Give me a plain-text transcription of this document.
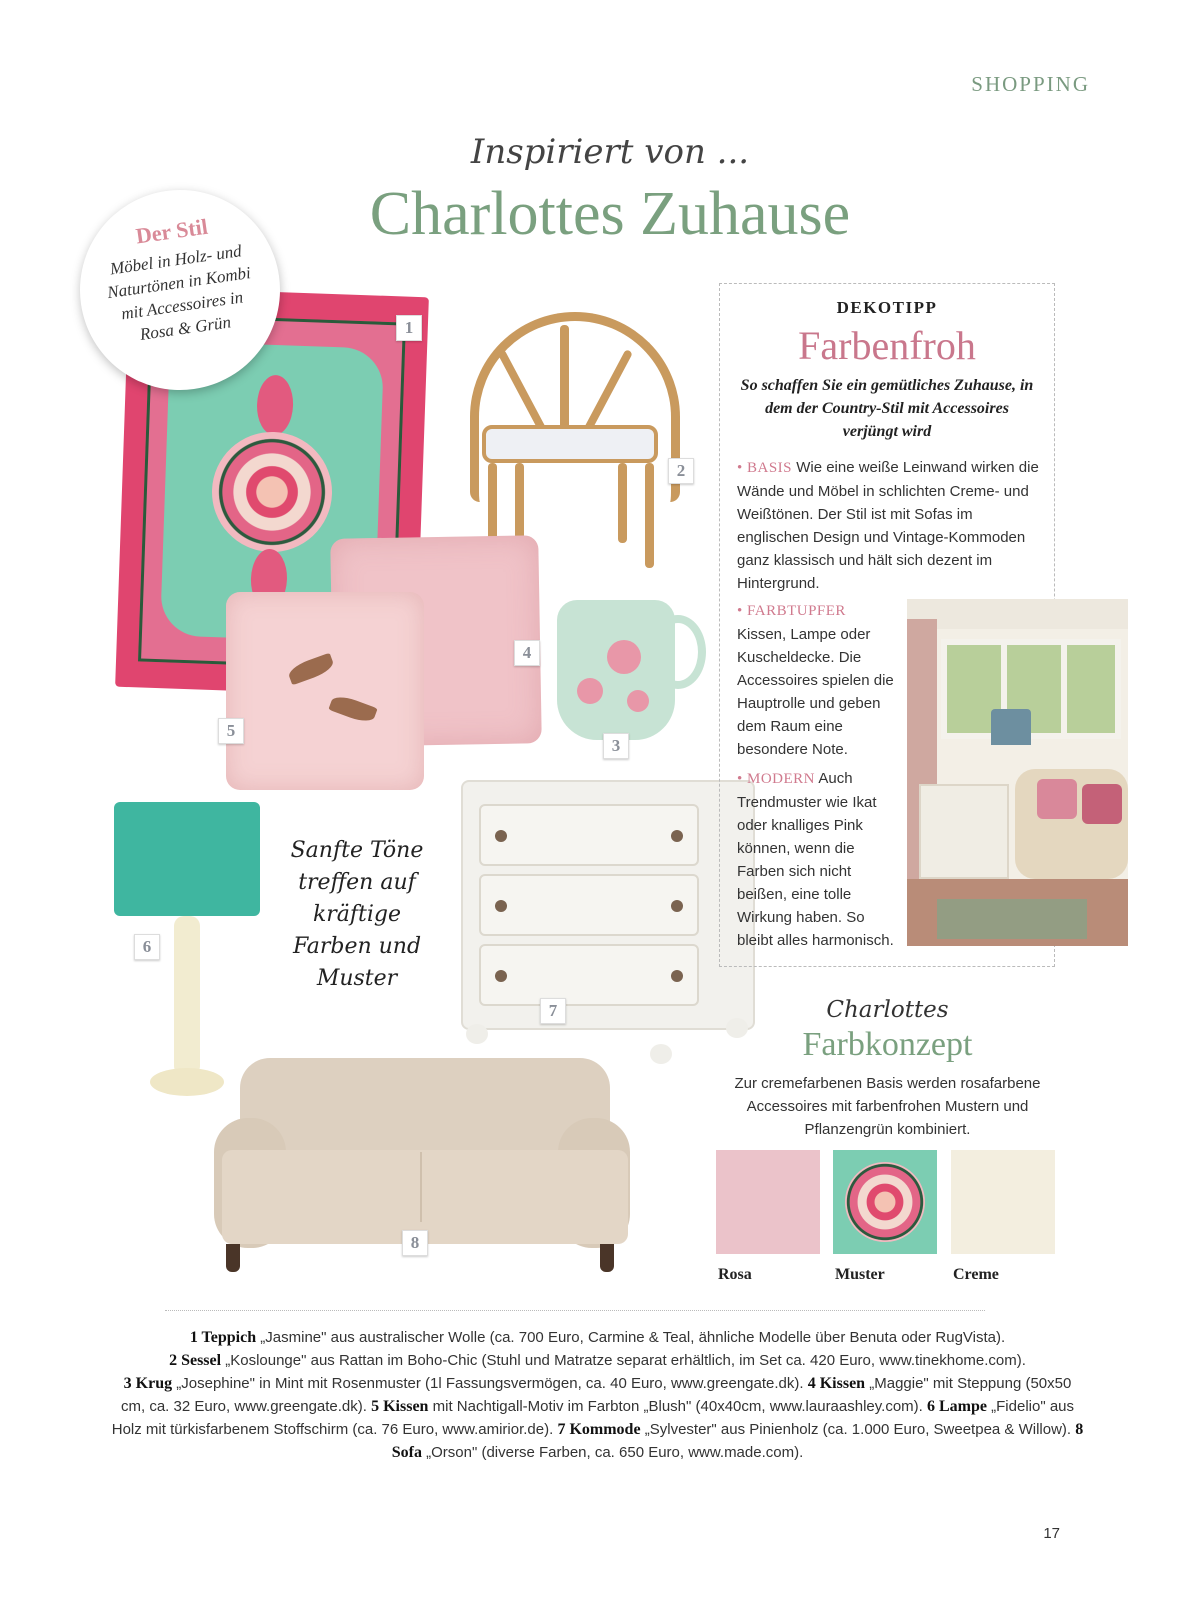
SHOPPING
Inspiriert von ...
Charlottes Zuhause
Der Stil
Möbel in Holz- und Naturtönen in Kombi mit Accessoires in Rosa & Grün	1
2
4
5
3
6
Sanfte Töne treffen auf kräftige Farben und Muster
7
8
DEKOTIPP
Farbenfroh
So schaffen Sie ein gemütliches Zuhause, in dem der Country-Stil mit Accessoires verjüngt wird
• BASIS Wie eine weiße Leinwand wirken die Wände und Möbel in schlichten Creme- und Weißtönen. Der Stil ist mit Sofas im englischen Design und Vintage-Kommoden ganz klassisch und hält sich dezent im Hintergrund.
• FARBTUPFER
Kissen, Lampe oder Kuscheldecke. Die Accessoires spielen die Hauptrolle und geben dem Raum eine besondere Note.
• MODERN Auch Trendmuster wie Ikat oder knalliges Pink können, wenn die Farben sich nicht beißen, eine tolle Wirkung haben. So bleibt alles harmonisch.
Charlottes
Farbkonzept
Zur cremefarbenen Basis werden rosafarbene Accessoires mit farbenfrohen Mustern und Pflanzengrün kombiniert.
Rosa	Muster	Creme
1 Teppich „Jasmine" aus australischer Wolle (ca. 700 Euro, Carmine & Teal, ähnliche Modelle über Benuta oder RugVista).
2 Sessel „Koslounge" aus Rattan im Boho-Chic (Stuhl und Matratze separat erhältlich, im Set ca. 420 Euro, www.tinekhome.com).
3 Krug „Josephine" in Mint mit Rosenmuster (1l Fassungsvermögen, ca. 40 Euro, www.greengate.dk). 4 Kissen „Maggie" mit Steppung (50x50 cm, ca. 32 Euro, www.greengate.dk). 5 Kissen mit Nachtigall-Motiv im Farbton „Blush" (40x40cm, www.lauraashley.com). 6 Lampe „Fidelio" aus Holz mit türkisfarbenem Stoffschirm (ca. 76 Euro, www.amirior.de). 7 Kommode „Sylvester" aus Pinienholz (ca. 1.000 Euro, Sweetpea & Willow). 8 Sofa „Orson" (diverse Farben, ca. 650 Euro, www.made.com).
17
